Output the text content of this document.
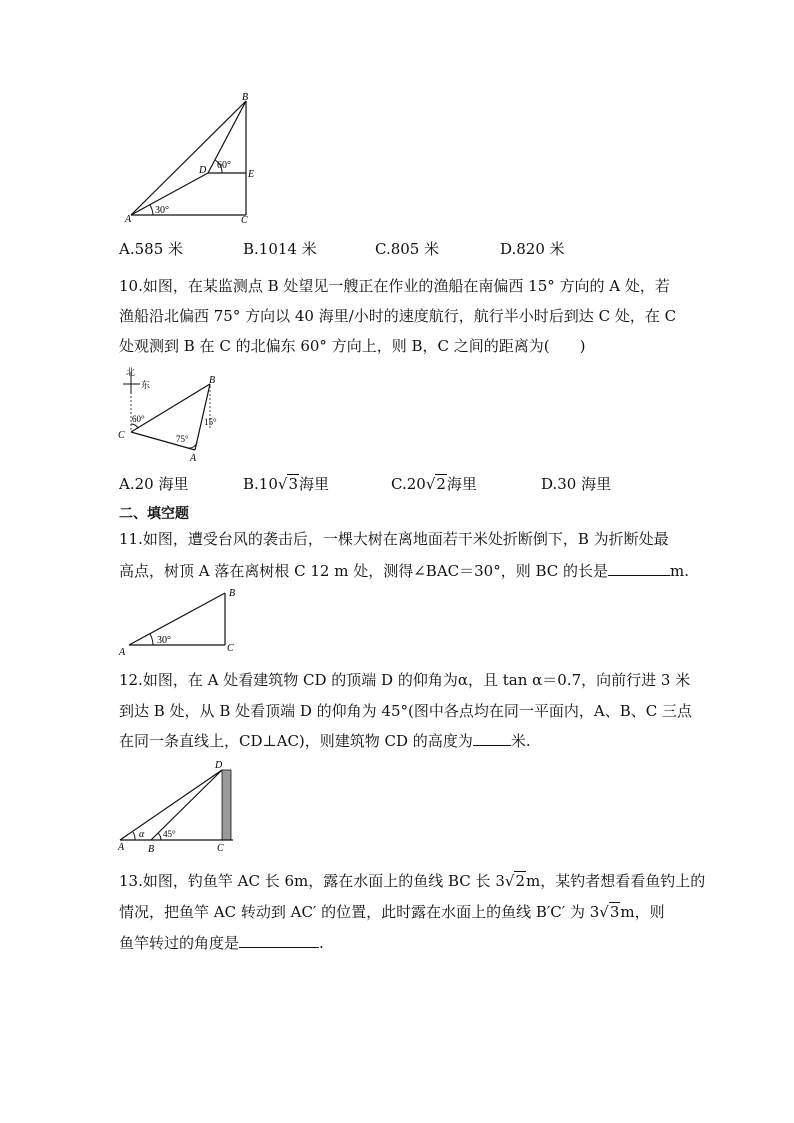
B
A	C
D	E
30°
60°
A.585 米	B.1014 米	C.805 米	D.820 米
10.如图，在某监测点 B 处望见一艘正在作业的渔船在南偏西 15° 方向的 A 处，若
渔船沿北偏西 75° 方向以 40 海里/小时的速度航行，航行半小时后到达 C 处，在 C
处观测到 B 在 C 的北偏东 60° 方向上，则 B，C 之间的距离为(　　)
北
东	B
C
A
60°
75°
15°
A.20 海里	B.10√3海里	C.20√2海里	D.30 海里
二、填空题
11.如图，遭受台风的袭击后，一棵大树在离地面若干米处折断倒下，B 为折断处最
高点，树顶 A 落在离树根 C 12 m 处，测得∠BAC＝30°，则 BC 的长是	m.
B
A	C
30°
12.如图，在 A 处看建筑物 CD 的顶端 D 的仰角为α，且 tan α＝0.7，向前行进 3 米
到达 B 处，从 B 处看顶端 D 的仰角为 45°(图中各点均在同一平面内，A、B、C 三点
在同一条直线上，CD⊥AC)，则建筑物 CD 的高度为	米.
D
A B	C
α 45°
13.如图，钓鱼竿 AC 长 6m，露在水面上的鱼线 BC 长 3√2m，某钓者想看看鱼钓上的
情况，把鱼竿 AC 转动到 AC′ 的位置，此时露在水面上的鱼线 B′C′ 为 3√3m，则
鱼竿转过的角度是	.
